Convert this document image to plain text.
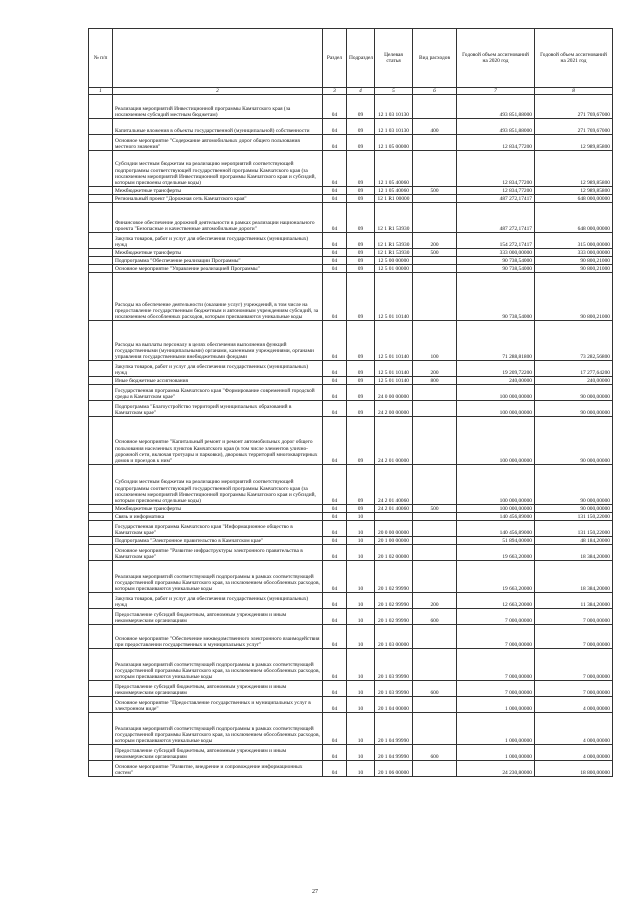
№ п/п		Раздел	Подраздел	Целевая статья	Вид расходов	Годовой объем ассигнований на 2020 год	Годовой объем ассигнований на 2021 год
1	2	3	4	5	6	7	8
	Реализация мероприятий Инвестиционной программы Камчатского края (за исключением субсидий местным бюджетам)	04	09	12 1 03 10130		493 851,88000	271 769,67000
	Капитальные вложения в объекты государственной (муниципальной) собственности	04	09	12 1 03 10130	400	493 851,88000	271 769,67000
	Основное мероприятие "Содержание автомобильных дорог общего пользования местного значения"	04	09	12 1 05 00000		12 834,77200	12 989,85800
	Субсидии местным бюджетам на реализацию мероприятий соответствующей подпрограммы соответствующей государственной программы Камчатского края (за исключением мероприятий Инвестиционной программы Камчатского края и субсидий, которым присвоены отдельные коды)	04	09	12 1 05 40060		12 834,77200	12 989,85800
	Межбюджетные трансферты	04	09	12 1 05 40060	500	12 834,77200	12 989,85800
	Региональный проект "Дорожная сеть Камчатского края"	04	09	12 1 R1 00000		487 272,17417	648 000,00000
	Финансовое обеспечение дорожной деятельности в рамках реализации национального проекта "Безопасные и качественные автомобильные дороги"	04	09	12 1 R1 53930		487 272,17417	648 000,00000
	Закупка товаров, работ и услуг для обеспечения государственных (муниципальных) нужд	04	09	12 1 R1 53930	200	154 272,17417	315 000,00000
	Межбюджетные трансферты	04	09	12 1 R1 53930	500	333 000,00000	333 000,00000
	Подпрограмма "Обеспечение реализации Программы"	04	09	12 5 00 00000		90 738,54000	90 800,21000
	Основное мероприятие "Управление реализацией Программы"	04	09	12 5 01 00000		90 738,54000	90 800,21000
	Расходы на обеспечение деятельности (оказание услуг) учреждений, в том числе на предоставление государственным бюджетным и автономным учреждениям субсидий, за исключением обособленных расходов, которым присваиваются уникальные коды	04	09	12 5 01 10140		90 738,54000	90 800,21000
	Расходы на выплаты персоналу в целях обеспечения выполнения функций государственными (муниципальными) органами, казенными учреждениями, органами управления государственными внебюджетными фондами	04	09	12 5 01 10140	100	71 288,81800	73 282,56800
	Закупка товаров, работ и услуг для обеспечения государственных (муниципальных) нужд	04	09	12 5 01 10140	200	19 209,72200	17 277,64200
	Иные бюджетные ассигнования	04	09	12 5 01 10140	800	240,00000	240,00000
	Государственная программа Камчатского края "Формирование современной городской среды в Камчатском крае"	04	09	24 0 00 00000		100 000,00000	90 000,00000
	Подпрограмма "Благоустройство территорий муниципальных образований в Камчатском крае"	04	09	24 2 00 00000		100 000,00000	90 000,00000
	Основное мероприятие "Капитальный ремонт и ремонт автомобильных дорог общего пользования населенных пунктов Камчатского края (в том числе элементов улично-дорожной сети, включая тротуары и парковки), дворовых территорий многоквартирных домов и проездов к ним"	04	09	24 2 01 00000		100 000,00000	90 000,00000
	Субсидии местным бюджетам на реализацию мероприятий соответствующей подпрограммы соответствующей государственной программы Камчатского края (за исключением мероприятий Инвестиционной программы Камчатского края и субсидий, которым присвоены отдельные коды)	04	09	24 2 01 40060		100 000,00000	90 000,00000
	Межбюджетные трансферты	04	09	24 2 01 40060	500	100 000,00000	90 000,00000
	Связь и информатика	04	10			140 456,89000	131 150,22000
	Государственная программа Камчатского края "Информационное общество в Камчатском крае"	04	10	20 0 00 00000		140 456,89000	131 150,22000
	Подпрограмма "Электронное правительство в Камчатском крае"	04	10	20 1 00 00000		51 894,00000	48 184,20000
	Основное мероприятие "Развитие инфраструктуры электронного правительства в Камчатском крае"	04	10	20 1 02 00000		19 663,20000	18 384,20000
	Реализация мероприятий соответствующей подпрограммы в рамках соответствующей государственной программы Камчатского края, за исключением обособленных расходов, которым присваиваются уникальные коды	04	10	20 1 02 99990		19 663,20000	18 384,20000
	Закупка товаров, работ и услуг для обеспечения государственных (муниципальных) нужд	04	10	20 1 02 99990	200	12 663,20000	11 384,20000
	Предоставление субсидий бюджетным, автономным учреждениям и иным некоммерческим организациям	04	10	20 1 02 99990	600	7 000,00000	7 000,00000
	Основное мероприятие "Обеспечение межведомственного электронного взаимодействия при предоставлении государственных и муниципальных услуг"	04	10	20 1 03 00000		7 000,00000	7 000,00000
	Реализация мероприятий соответствующей подпрограммы в рамках соответствующей государственной программы Камчатского края, за исключением обособленных расходов, которым присваиваются уникальные коды	04	10	20 1 03 99990		7 000,00000	7 000,00000
	Предоставление субсидий бюджетным, автономным учреждениям и иным некоммерческим организациям	04	10	20 1 03 99990	600	7 000,00000	7 000,00000
	Основное мероприятие "Предоставление государственных и муниципальных услуг в электронном виде"	04	10	20 1 04 00000		1 000,00000	4 000,00000
	Реализация мероприятий соответствующей подпрограммы в рамках соответствующей государственной программы Камчатского края, за исключением обособленных расходов, которым присваиваются уникальные коды	04	10	20 1 04 99990		1 000,00000	4 000,00000
	Предоставление субсидий бюджетным, автономным учреждениям и иным некоммерческим организациям	04	10	20 1 04 99990	600	1 000,00000	4 000,00000
	Основное мероприятие "Развитие, внедрение и сопровождение информационных систем"	04	10	20 1 06 00000		24 230,80000	18 800,00000
27
